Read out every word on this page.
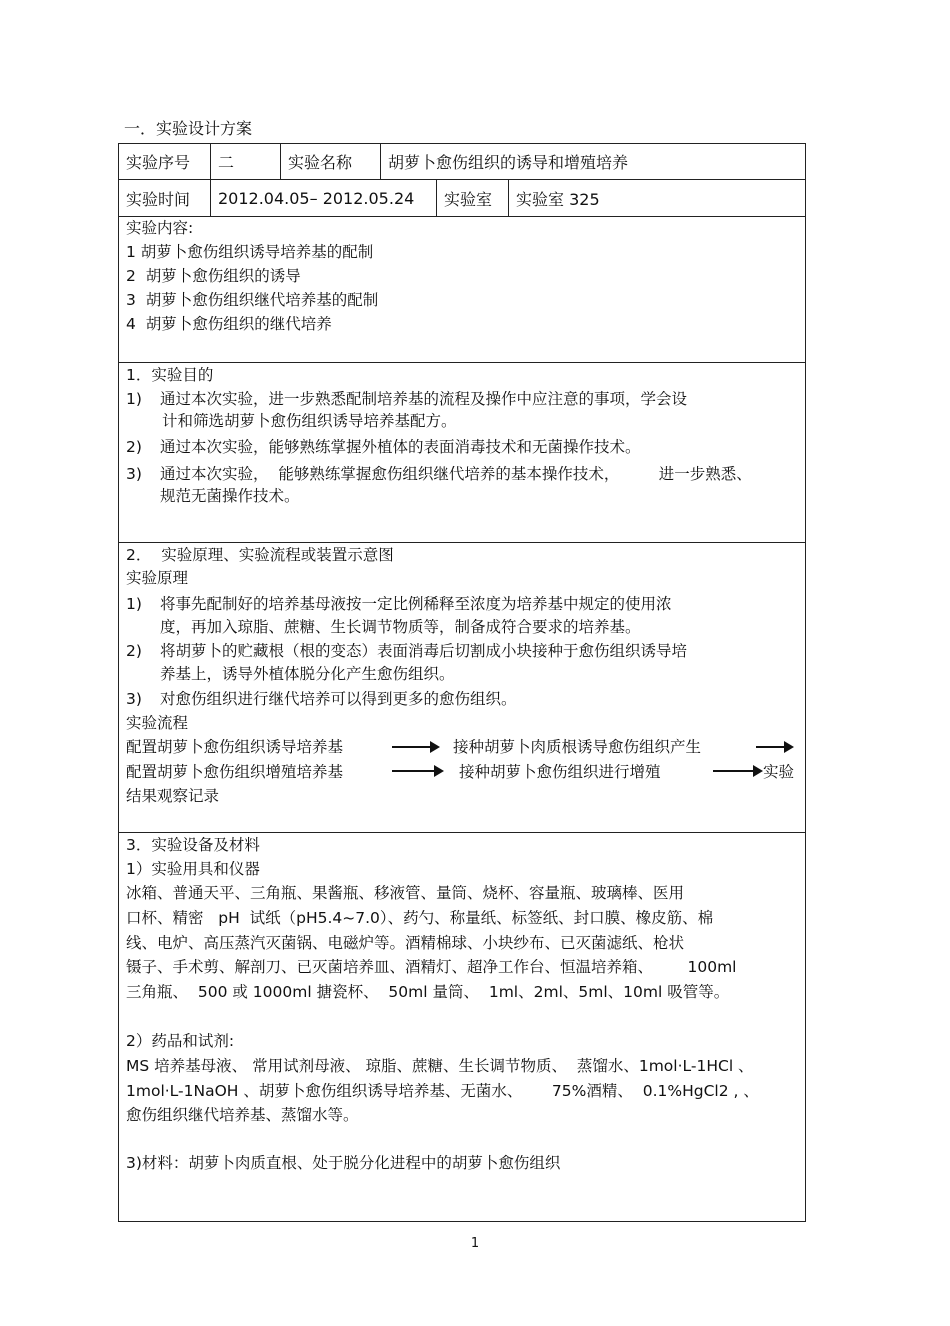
一．实验设计方案
实验序号	二	实验名称	胡萝卜愈伤组织的诱导和增殖培养
实验时间	2012.04.05– 2012.05.24	实验室	实验室 325
实验内容:
1 胡萝卜愈伤组织诱导培养基的配制
2  胡萝卜愈伤组织的诱导
3  胡萝卜愈伤组织继代培养基的配制
4  胡萝卜愈伤组织的继代培养
1．实验目的
1) 通过本次实验，进一步熟悉配制培养基的流程及操作中应注意的事项，学会设
计和筛选胡萝卜愈伤组织诱导培养基配方。
2) 通过本次实验，能够熟练掌握外植体的表面消毒技术和无菌操作技术。
3) 通过本次实验，  能够熟练掌握愈伤组织继代培养的基本操作技术，        进一步熟悉、
规范无菌操作技术。
2．  实验原理、实验流程或装置示意图
实验原理
1) 将事先配制好的培养基母液按一定比例稀释至浓度为培养基中规定的使用浓
度，再加入琼脂、蔗糖、生长调节物质等，制备成符合要求的培养基。
2) 将胡萝卜的贮藏根（根的变态）表面消毒后切割成小块接种于愈伤组织诱导培
养基上，诱导外植体脱分化产生愈伤组织。
3) 对愈伤组织进行继代培养可以得到更多的愈伤组织。
实验流程
配置胡萝卜愈伤组织诱导培养基	接种胡萝卜肉质根诱导愈伤组织产生
配置胡萝卜愈伤组织增殖培养基	接种胡萝卜愈伤组织进行增殖	实验
结果观察记录
3．实验设备及材料
1）实验用具和仪器
冰箱、普通天平、三角瓶、果酱瓶、移液管、量筒、烧杯、容量瓶、玻璃棒、医用
口杯、精密   pH  试纸（pH5.4~7.0）、药勺、称量纸、标签纸、封口膜、橡皮筋、棉
线、电炉、高压蒸汽灭菌锅、电磁炉等。酒精棉球、小块纱布、已灭菌滤纸、枪状
镊子、手术剪、解剖刀、已灭菌培养皿、酒精灯、超净工作台、恒温培养箱、       100ml
三角瓶、  500 或 1000ml 搪瓷杯、  50ml 量筒、  1ml、2ml、5ml、10ml 吸管等。
2）药品和试剂:
MS 培养基母液、 常用试剂母液、 琼脂、蔗糖、生长调节物质、  蒸馏水、1mol·L-1HCl 、
1mol·L-1NaOH 、胡萝卜愈伤组织诱导培养基、无菌水、      75%酒精、  0.1%HgCl2 , 、
愈伤组织继代培养基、蒸馏水等。
3)材料：胡萝卜肉质直根、处于脱分化进程中的胡萝卜愈伤组织
1
